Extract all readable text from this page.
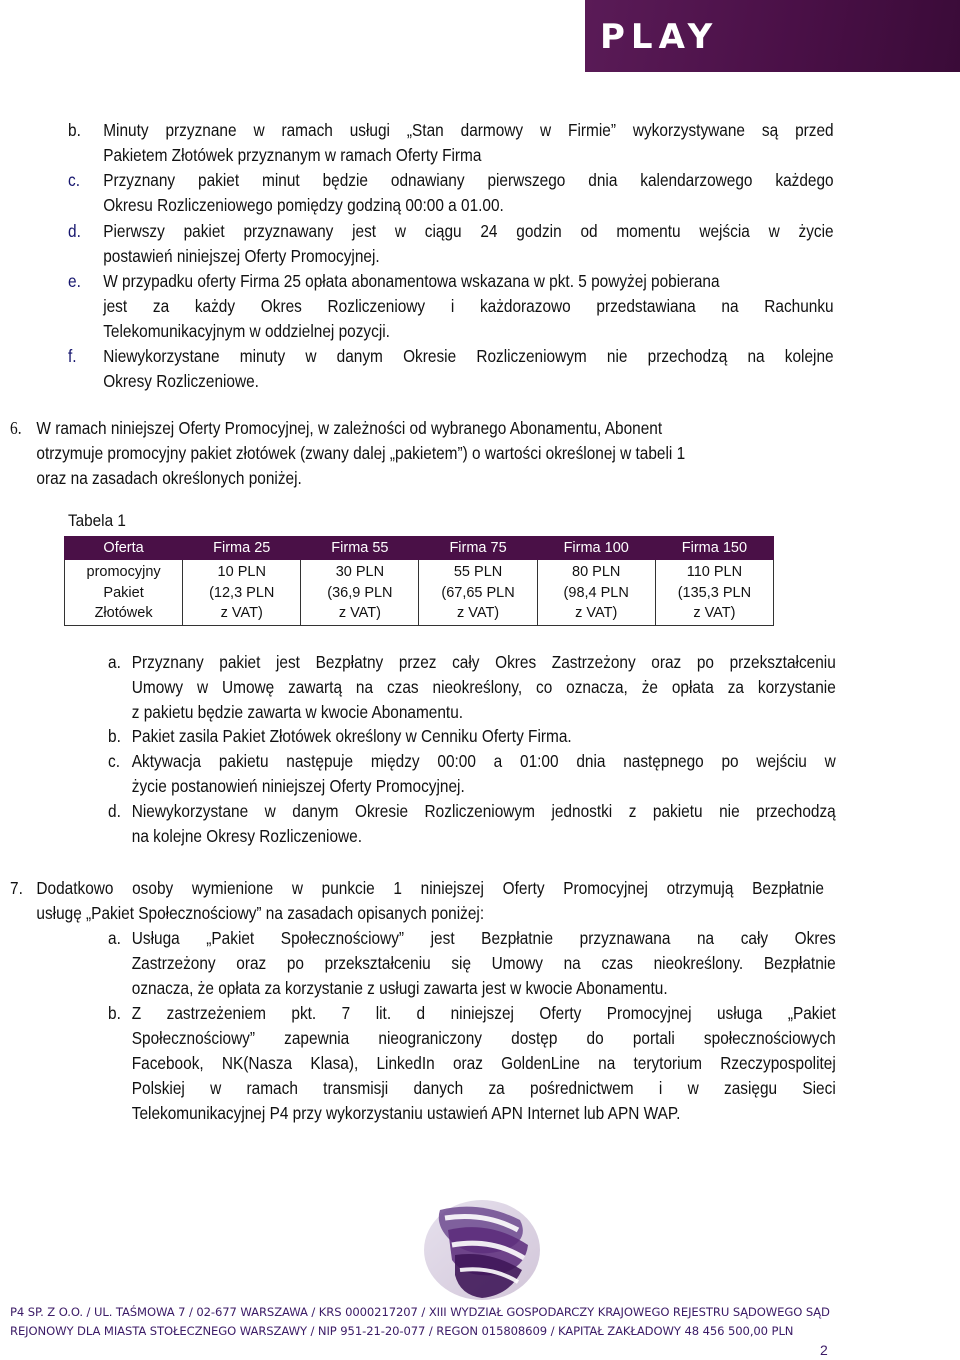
PLAY
b. Minuty przyznane w ramach usługi „Stan darmowy w Firmie” wykorzystywane są przed
Pakietem Złotówek przyznanym w ramach Oferty Firma
c. Przyznany pakiet minut będzie odnawiany pierwszego dnia kalendarzowego każdego
Okresu Rozliczeniowego pomiędzy godziną 00:00 a 01.00.
d. Pierwszy pakiet przyznawany jest w ciągu 24 godzin od momentu wejścia w życie
postawień niniejszej Oferty Promocyjnej.
e. W przypadku oferty Firma 25 opłata abonamentowa wskazana w pkt. 5 powyżej pobierana
jest za każdy Okres Rozliczeniowy i każdorazowo przedstawiana na Rachunku
Telekomunikacyjnym w oddzielnej pozycji.
f. Niewykorzystane minuty w danym Okresie Rozliczeniowym nie przechodzą na kolejne
Okresy Rozliczeniowe.
6. W ramach niniejszej Oferty Promocyjnej, w zależności od wybranego Abonamentu, Abonent
otrzymuje promocyjny pakiet złotówek (zwany dalej „pakietem”) o wartości określonej w tabeli 1
oraz na zasadach określonych poniżej.
Tabela 1
Oferta	Firma 25	Firma 55	Firma 75	Firma 100	Firma 150

promocyjny
Pakiet
Złotówek	10 PLN
(12,3 PLN
z VAT)	30 PLN
(36,9 PLN
z VAT)	55 PLN
(67,65 PLN
z VAT)	80 PLN
(98,4 PLN
z VAT)	110 PLN
(135,3 PLN
z VAT)
a. Przyznany pakiet jest Bezpłatny przez cały Okres Zastrzeżony oraz po przekształceniu
Umowy w Umowę zawartą na czas nieokreślony, co oznacza, że opłata za korzystanie
z pakietu będzie zawarta w kwocie Abonamentu.
b. Pakiet zasila Pakiet Złotówek określony w Cenniku Oferty Firma.
c. Aktywacja pakietu następuje między 00:00 a 01:00 dnia następnego po wejściu w
życie postanowień niniejszej Oferty Promocyjnej.
d. Niewykorzystane w danym Okresie Rozliczeniowym jednostki z pakietu nie przechodzą
na kolejne Okresy Rozliczeniowe.
7. Dodatkowo osoby wymienione w punkcie 1 niniejszej Oferty Promocyjnej otrzymują Bezpłatnie
usługę „Pakiet Społecznościowy” na zasadach opisanych poniżej:
a. Usługa „Pakiet Społecznościowy” jest Bezpłatnie przyznawana na cały Okres
Zastrzeżony oraz po przekształceniu się Umowy na czas nieokreślony. Bezpłatnie
oznacza, że opłata za korzystanie z usługi zawarta jest w kwocie Abonamentu.
b. Z zastrzeżeniem pkt. 7 lit. d niniejszej Oferty Promocyjnej usługa „Pakiet
Społecznościowy” zapewnia nieograniczony dostęp do portali społecznościowych
Facebook, NK(Nasza Klasa), LinkedIn oraz GoldenLine na terytorium Rzeczypospolitej
Polskiej w ramach transmisji danych za pośrednictwem i w zasięgu Sieci
Telekomunikacyjnej P4 przy wykorzystaniu ustawień APN Internet lub APN WAP.
P4 SP. Z O.O. / UL. TAŚMOWA 7 / 02-677 WARSZAWA / KRS 0000217207 / XIII WYDZIAŁ GOSPODARCZY KRAJOWEGO REJESTRU SĄDOWEGO SĄD
REJONOWY DLA MIASTA STOŁECZNEGO WARSZAWY / NIP 951-21-20-077 / REGON 015808609 / KAPITAŁ ZAKŁADOWY 48 456 500,00 PLN
2
